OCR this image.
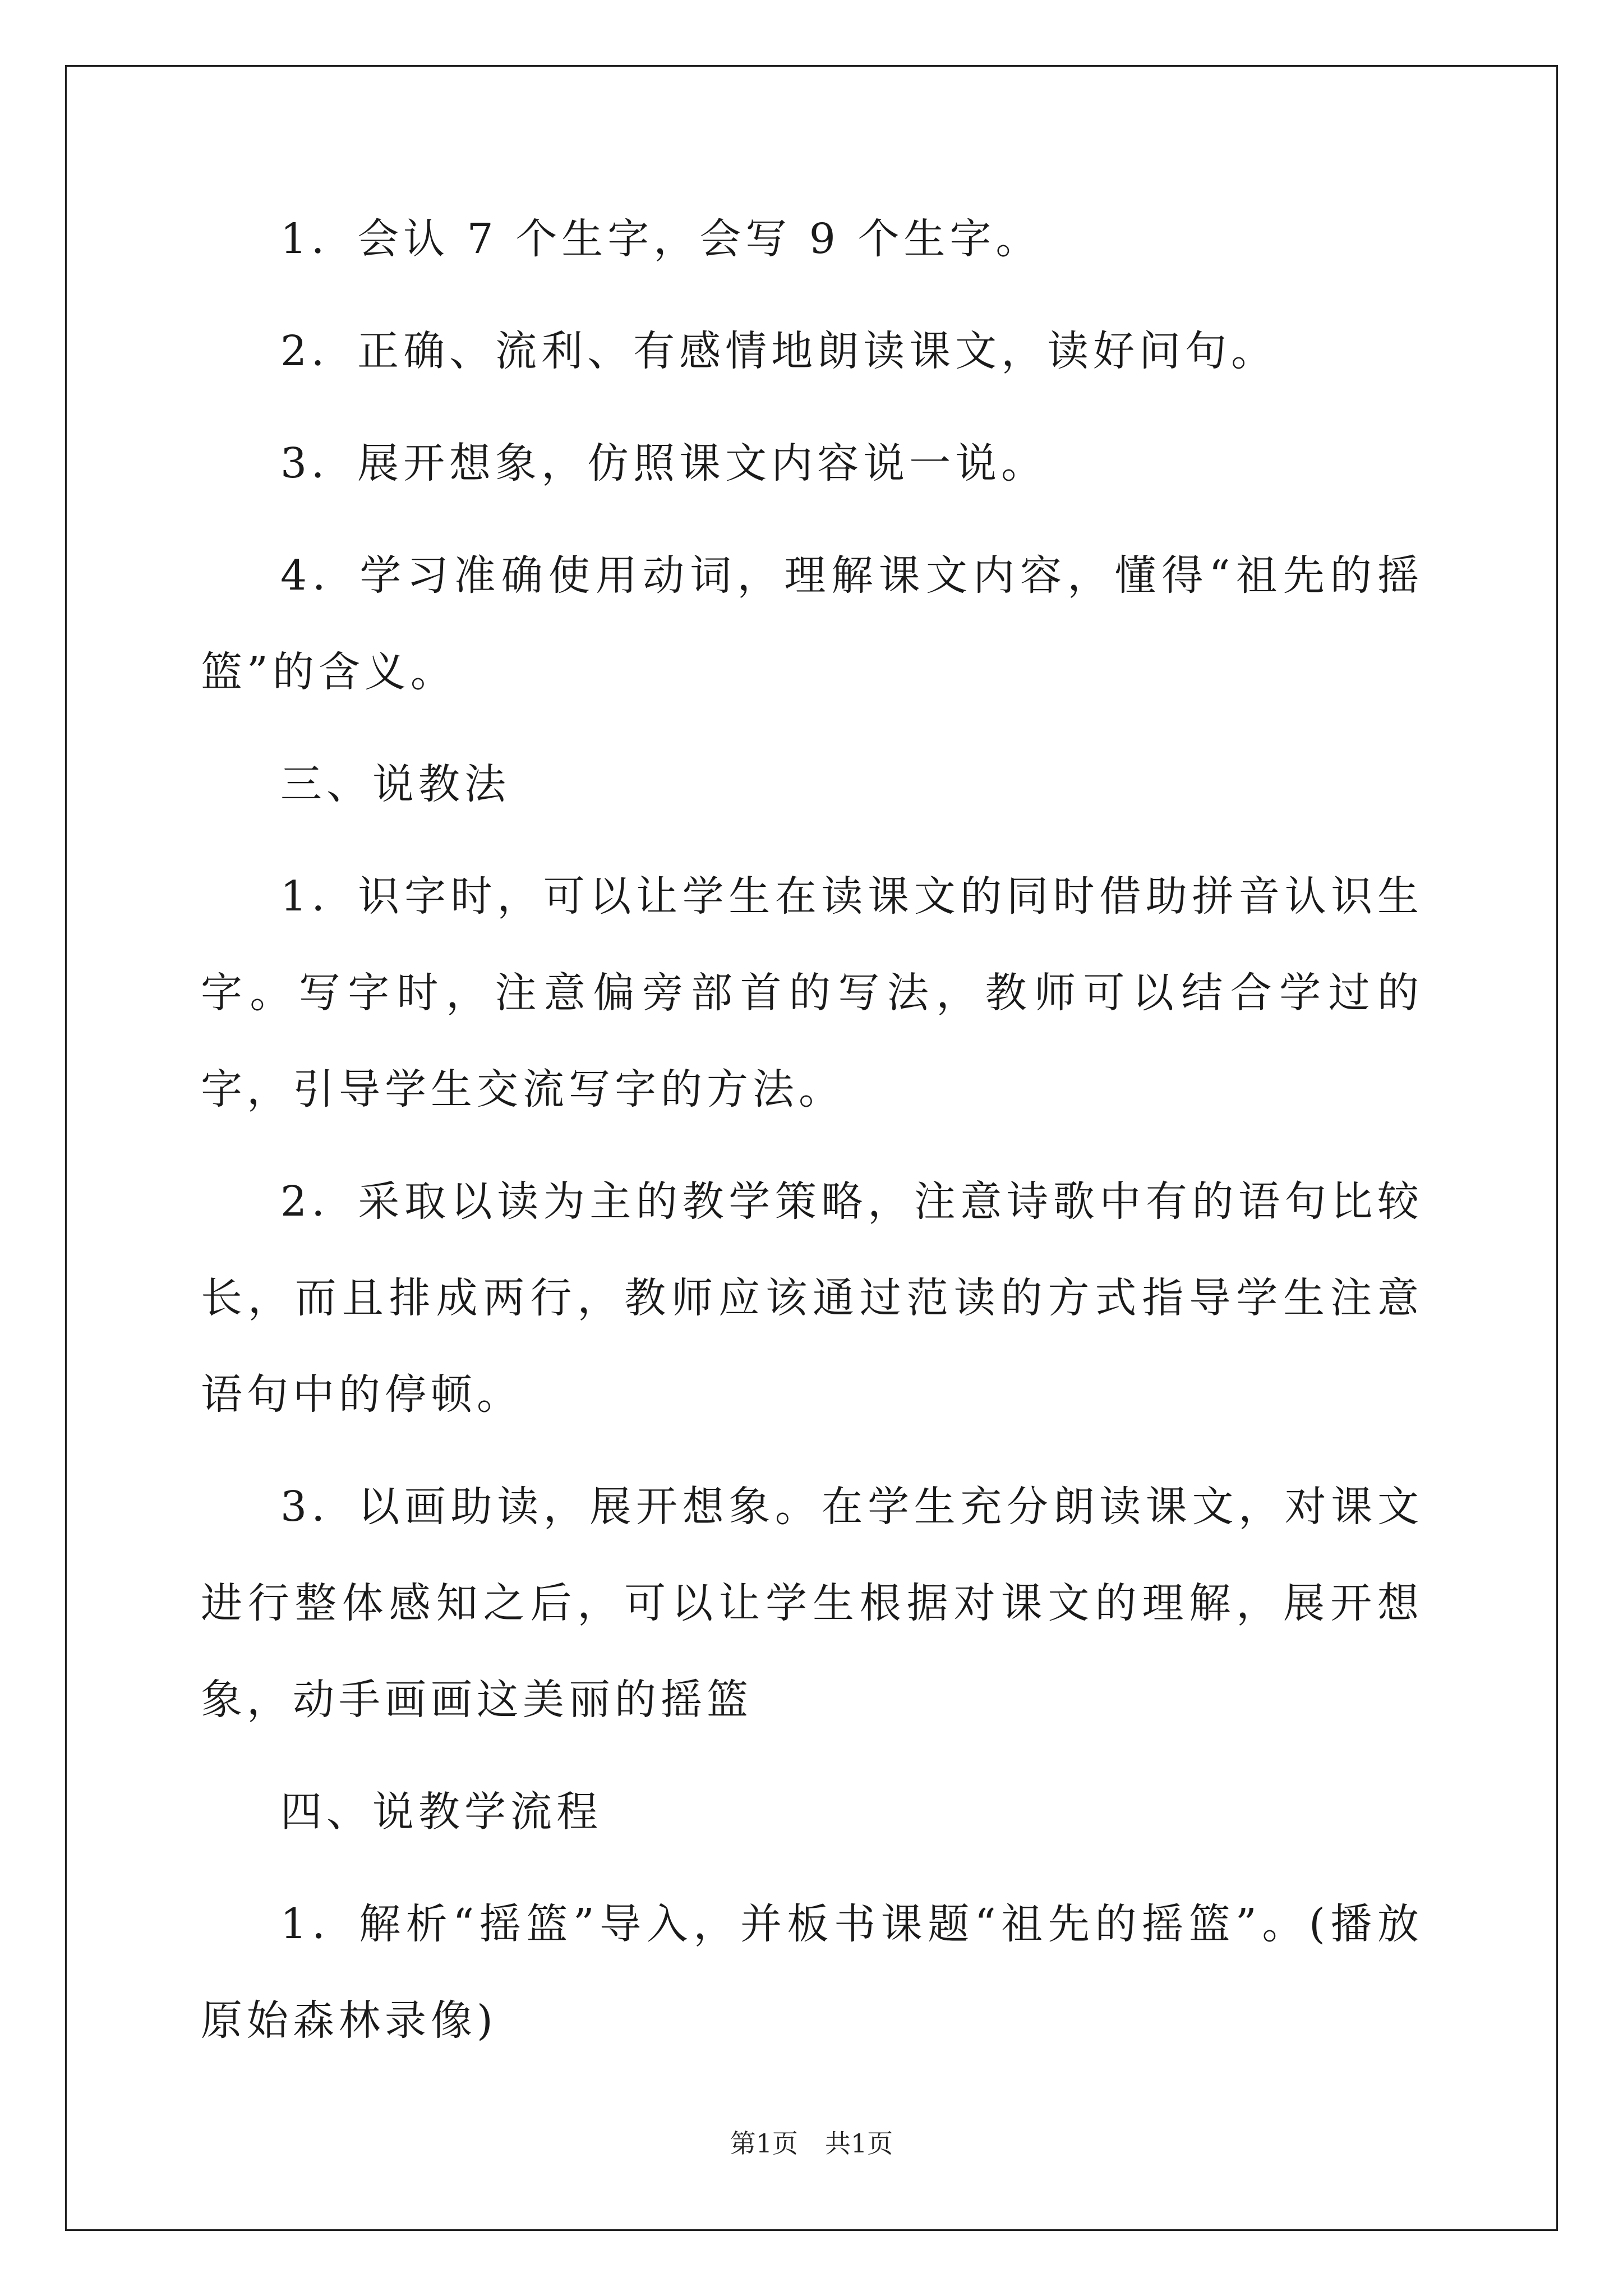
1．会认 7 个生字，会写 9 个生字。

2．正确、流利、有感情地朗读课文，读好问句。

3．展开想象，仿照课文内容说一说。

4．学习准确使用动词，理解课文内容，懂得“祖先的摇篮”的含义。

三、说教法

1．识字时，可以让学生在读课文的同时借助拼音认识生字。写字时，注意偏旁部首的写法，教师可以结合学过的字，引导学生交流写字的方法。

2．采取以读为主的教学策略，注意诗歌中有的语句比较长，而且排成两行，教师应该通过范读的方式指导学生注意语句中的停顿。

3．以画助读，展开想象。在学生充分朗读课文，对课文进行整体感知之后，可以让学生根据对课文的理解，展开想象，动手画画这美丽的摇篮

四、说教学流程

1．解析“摇篮”导入，并板书课题“祖先的摇篮”。(播放原始森林录像)

第1页 共1页
